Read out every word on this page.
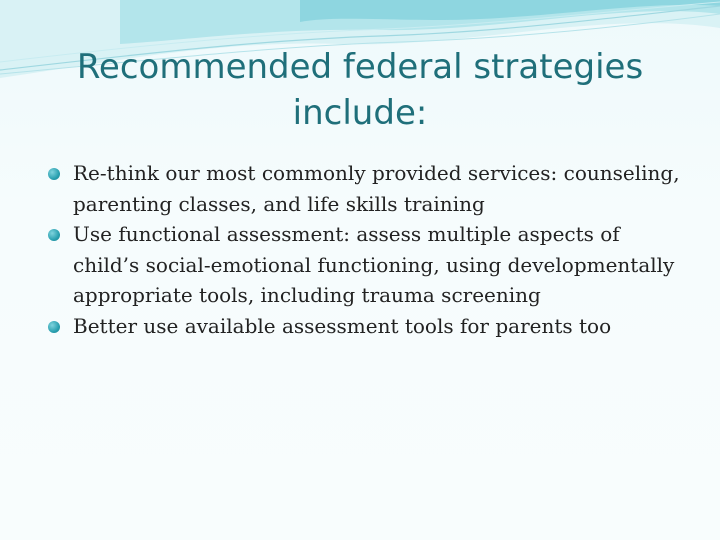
Recommended federal strategies
include:
Re-think our most commonly provided services: counseling, parenting classes, and life skills training
Use functional assessment: assess multiple aspects of child’s social-emotional functioning, using developmentally appropriate tools, including trauma screening
Better use available assessment tools for parents too
